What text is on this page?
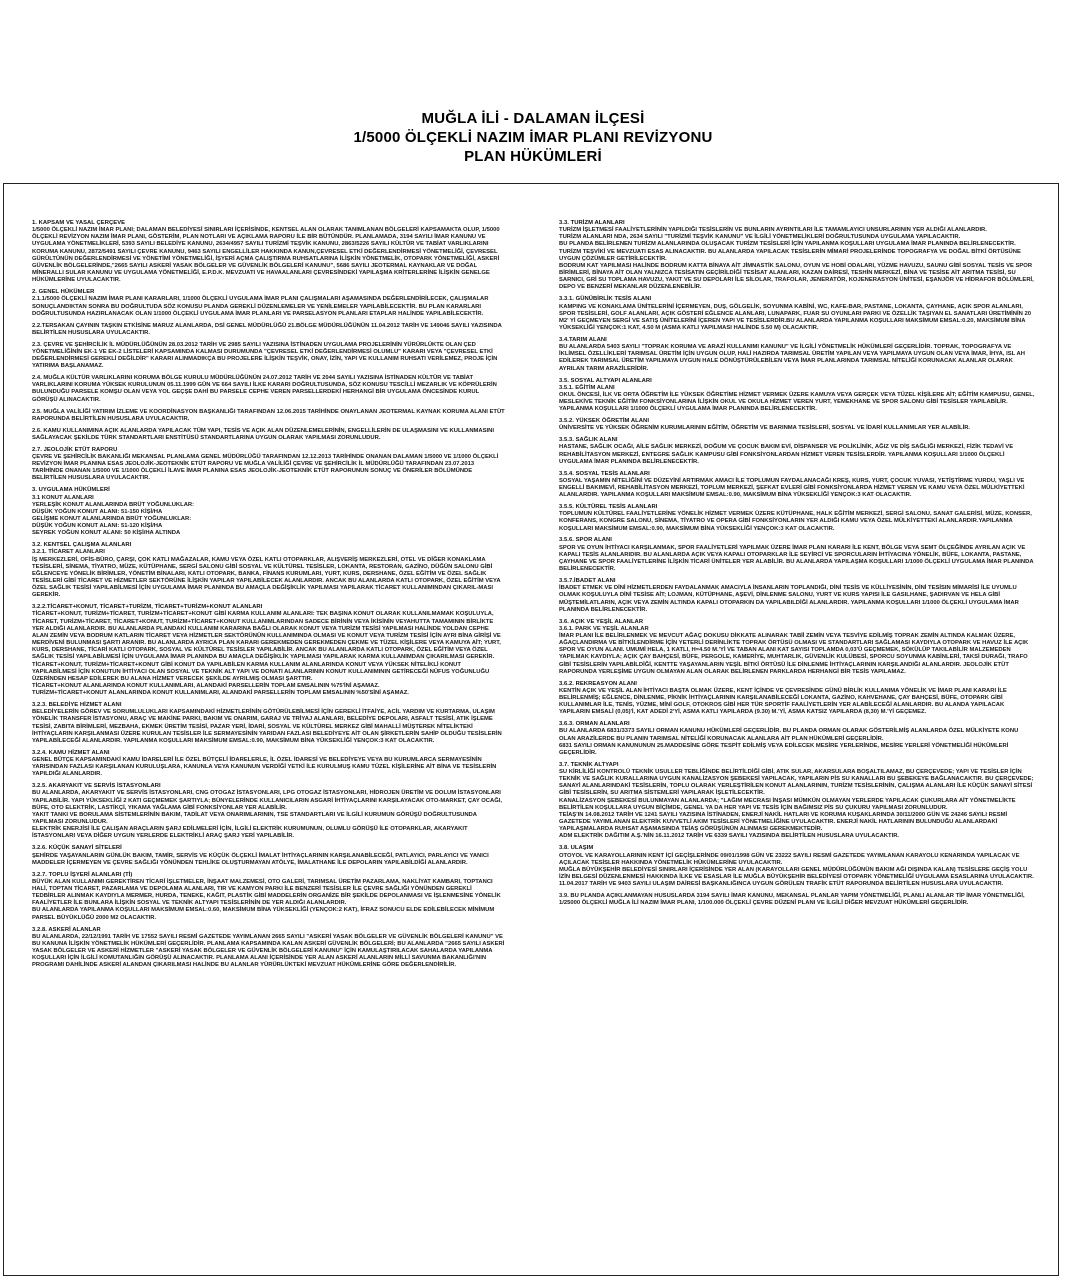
MUĞLA İLİ - DALAMAN İLÇESİ
1/5000 ÖLÇEKLİ NAZIM İMAR PLANI REVİZYONU
PLAN HÜKÜMLERİ
1. KAPSAM VE YASAL ÇERÇEVE
1/5000 ÖLÇEKLİ NAZIM İMAR PLANI; DALAMAN BELEDİYESİ SINIRLARI İÇERİSİNDE, KENTSEL ALAN OLARAK TANIMLANAN BÖLGELERİ KAPSAMAKTA OLUP, 1/5000 ÖLÇEKLİ REVİZYON NAZIM İMAR PLANI, GÖSTERİM, PLAN NOTLARI VE AÇIKLAMA RAPORU İLE BİR BÜTÜNDÜR. PLANLAMADA, 3194 SAYILI İMAR KANUNU VE UYGULAMA YÖNETMELİKLERİ, 5393 SAYILI BELEDİYE KANUNU, 2634/4957 SAYILI TURİZMİ TEŞVİK KANUNU, 2863/5226 SAYILI KÜLTÜR VE TABİAT VARLIKLARINI KORUMA KANUNU, 2872/5491 SAYILI ÇEVRE KANUNU, 9463 SAYILI ENGELLİLER HAKKINDA KANUN,ÇEVRESEL ETKİ DEĞERLENDİRMESİ YÖNETMELİĞİ, ÇEVRESEL GÜRÜLTÜNÜN DEĞERLENDİRMESİ VE YÖNETİMİ YÖNETMELİĞİ, İŞYERİ AÇMA ÇALIŞTIRMA RUHSATLARINA İLİŞKİN YÖNETMELİK, OTOPARK YÖNETMELİĞİ, ASKERİ GÜVENLİK BÖLGELERİNDE,"2665 SAYILI ASKERİ YASAK BÖLGELER VE GÜVENLİK BÖLGELERİ KANUNU", 5686 SAYILI JEOTERMAL KAYNAKLAR VE DOĞAL MİNERALLI SULAR KANUNU VE UYGULAMA YÖNETMELİĞİ, E.P.D.K. MEVZUATI VE HAVAALANLARI ÇEVRESİNDEKİ YAPILAŞMA KRİTERLERİNE İLİŞKİN GENELGE HÜKÜMLERİNE UYULACAKTIR.
2. GENEL HÜKÜMLER
2.1.1/5000 ÖLÇEKLİ NAZIM İMAR PLANI KARARLARI, 1/1000 ÖLÇEKLİ UYGULAMA İMAR PLANI ÇALIŞMALARI AŞAMASINDA DEĞERLENDİRİLECEK, ÇALIŞMALAR SONUÇLANDIKTAN SONRA BU DOĞRULTUDA SÖZ KONUSU PLANDA GEREKLİ DÜZENLEMELER VE YENİLEMELER YAPILABİLECEKTİR. BU PLAN KARARLARI DOĞRULTUSUNDA HAZIRLANACAK OLAN 1/1000 ÖLÇEKLİ UYGULAMA İMAR PLANLARI VE PARSELASYON PLANLARI ETAPLAR HALİNDE YAPILABİLECEKTİR.
2.2.TERSAKAN ÇAYININ TAŞKIN ETKİSİNE MARUZ ALANLARDA, DSİ GENEL MÜDÜRLÜĞÜ 21.BÖLGE MÜDÜRLÜĞÜNÜN 11.04.2012 TARİH VE 149046 SAYILI YAZISINDA BELİRTİLEN HUSUSLARA UYULACAKTIR.
2.3. ÇEVRE VE ŞEHİRCİLİK İL MÜDÜRLÜĞÜNÜN 28.03.2012 TARİH VE 2985 SAYILI YAZISINA İSTİNADEN UYGULAMA PROJELERİNİN YÜRÜRLÜKTE OLAN ÇED YÖNETMELİĞİNİN EK-1 VE EK-2 LİSTELERİ KAPSAMINDA KALMASI DURUMUNDA "ÇEVRESEL ETKİ DEĞERLENDİRMESİ OLUMLU" KARARI VEYA "ÇEVRESEL ETKİ DEĞERLENDİRMESİ GEREKLİ DEĞİLDİR" KARARI ALINMADIKÇA BU PROJELERE İLİŞKİN TEŞVİK, ONAY, İZİN, YAPI VE KULLANIM RUHSATI VERİLEMEZ, PROJE İÇİN YATIRIMA BAŞLANAMAZ.
2.4. MUĞLA KÜLTÜR VARLIKLARINI KORUMA BÖLGE KURULU MÜDÜRLÜĞÜNÜN 24.07.2012 TARİH VE 2044 SAYILI YAZISINA İSTİNADEN KÜLTÜR VE TABİAT VARLIKLARINI KORUMA YÜKSEK KURULUNUN 05.11.1999 GÜN VE 664 SAYILI İLKE KARARI DOĞRULTUSUNDA, SÖZ KONUSU TESCİLLİ MEZARLIK VE KÖPRÜLERİN BULUNDUĞU PARSELE KOMŞU OLAN VEYA YOL GEÇŞE DAHİ BU PARSELE CEPHE VEREN PARSELLERDEKİ HERHANGİ BİR UYGULAMA ÖNCESİNDE KURUL GÖRÜŞÜ ALINACAKTIR.
2.5. MUĞLA VALİLİĞİ YATIRIM İZLEME VE KOORDİNASYON BAŞKANLIĞI TARAFINDAN 12.06.2015 TARİHİNDE ONAYLANAN JEOTERMAL KAYNAK KORUMA ALANI ETÜT RAPORUNDA BELİRTİLEN HUSUSLARA UYULACAKTIR.
2.6. KAMU KULLANIMINA AÇIK ALANLARDA YAPILACAK TÜM YAPI, TESİS VE AÇIK ALAN DÜZENLEMELERİNİN, ENGELLİLERİN DE ULAŞMASINI VE KULLANMASINI SAĞLAYACAK ŞEKİLDE TÜRK STANDARTLARI ENSTİTÜSÜ STANDARTLARINA UYGUN OLARAK YAPILMASI ZORUNLUDUR.
2.7. JEOLOJİK ETÜT RAPORU
ÇEVRE VE ŞEHİRCİLİK BAKANLIĞI MEKANSAL PLANLAMA GENEL MÜDÜRLÜĞÜ TARAFINDAN 12.12.2013 TARİHİNDE ONANAN DALAMAN 1/5000 VE 1/1000 ÖLÇEKLİ REVİZYON İMAR PLANINA ESAS JEOLOJİK-JEOTEKNİK ETÜT RAPORU VE MUĞLA VALİLİĞİ ÇEVRE VE ŞEHİRCİLİK İL MÜDÜRLÜĞÜ TARAFINDAN 23.07.2013 TARİHİNDE ONANAN 1/5000 VE 1/1000 ÖLÇEKLİ İLAVE İMAR PLANINA ESAS JEOLOJİK-JEOTEKNİK ETÜT RAPORUNUN SONUÇ VE ÖNERİLER BÖLÜMÜNDE BELİRTİLEN HUSUSLARA UYULACAKTIR.
3. UYGULAMA HÜKÜMLERİ
3.1 KONUT ALANLARI
YERLEŞİK KONUT ALANLARINDA BRÜT YOĞUNLUKLAR:
DÜŞÜK YOĞUN KONUT ALANI: 51-150 KİŞİ/HA
GELİŞME KONUT ALANLARINDA BRÜT YOĞUNLUKLAR:
DÜŞÜK YOĞUN KONUT ALANI: 51-120 KİŞİ/HA
SEYREK YOĞUN KONUT ALANI: 50 KİŞİ/HA ALTINDA
3.2. KENTSEL ÇALIŞMA ALANLARI
3.2.1. TİCARET ALANLARI
İŞ MERKEZLERİ, OFİS-BÜRO, ÇARŞI, ÇOK KATLI MAĞAZALAR, KAMU VEYA ÖZEL KATLI OTOPARKLAR, ALIŞVERİŞ MERKEZLERİ, OTEL VE DİĞER KONAKLAMA TESİSLERİ, SİNEMA, TİYATRO, MÜZE, KÜTÜPHANE, SERGİ SALONU GİBİ SOSYAL VE KÜLTÜREL TESİSLER, LOKANTA, RESTORAN, GAZİNO, DÜĞÜN SALONU GİBİ EĞLENCEYE YÖNELİK BİRİMLER, YÖNETİM BİNALARI, KATLI OTOPARK, BANKA, FİNANS KURUMLARI, YURT, KURS, DERSHANE, ÖZEL EĞİTİM VE ÖZEL SAĞLIK TESİSLERİ GİBİ TİCARET VE HİZMETLER SEKTÖRÜNE İLİŞKİN YAPILAR YAPILABİLECEK ALANLARDIR. ANCAK BU ALANLARDA KATLI OTOPARK, ÖZEL EĞİTİM VEYA ÖZEL SAĞLIK TESİSİ YAPILABİLMESİ İÇİN UYGULAMA İMAR PLANINDA BU AMAÇLA DEĞİŞİKLİK YAPILMASI YAPILARAK TİCARET KULLANIMINDAN ÇIKARIL-MASI GEREKİR.
3.2.2.TİCARET+KONUT, TİCARET+TURİZM, TİCARET+TURİZM+KONUT ALANLARI
TİCARET+KONUT, TURİZM+TİCARET, TURİZM+TİCARET+KONUT GİBİ KARMA KULLANIM ALANLARI: TEK BAŞINA KONUT OLARAK KULLANILMAMAK KOŞULUYLA, TİCARET, TURİZM+TİCARET, TİCARET+KONUT, TURİZM+TİCARET+KONUT KULLANIMLARINDAN SADECE BİRİNİN VEYA İKİSİNİN VEYAHUTTA TAMAMININ BİRLİKTE YER ALDIĞI ALANLARDIR. BU ALANLARDA PLANDAKİ KULLANIM KARARINA BAĞLI OLARAK KONUT VEYA TURİZM TESİSİ YAPILMASI HALİNDE YOLDAN CEPHE ALAN ZEMİN VEYA BODRUM KATLARIN TİCARET VEYA HİZMETLER SEKTÖRÜNÜN KULLANIMINDA OLMASI VE KONUT VEYA TURİZM TESİSİ İÇİN AYRI BİNA GİRİŞİ VE MERDİVENİ BULUNMASI ŞARTI ARANIR. BU ALANLARDA AYRICA PLAN KARARI GEREKMEDEN GEREKMEDEN ÇEKME VE TÜZEL KİŞİLERE VEYA KAMUYA AİT; YURT, KURS, DERSHANE, TİCARİ KATLI OTOPARK, SOSYAL VE KÜLTÜREL TESİSLER YAPILABİLİR. ANCAK BU ALANLARDA KATLI OTOPARK, ÖZEL EĞİTİM VEYA ÖZEL SAĞLIK TESİSİ YAPILABİLMESİ İÇİN UYGULAMA İMAR PLANINDA BU AMAÇLA DEĞİŞİKLİK YAPILMASI YAPILARAK KARMA KULLANIMDAN ÇIKARILMASI GEREKİR. TİCARET+KONUT, TURİZM+TİCARET+KONUT GİBİ KONUT DA YAPILABİLEN KARMA KULLANIM ALANLARINDA KONUT VEYA YÜKSEK NİTELİKLİ KONUT YAPILABİLMESİ İÇİN KONUTUN İHTİYACI OLAN SOSYAL VE TEKNİK ALT YAPI VE DONATI ALANLARININ KONUT KULLANIMININ GETİRECEĞİ NÜFUS YOĞUNLUĞU ÜZERİNDEN HESAP EDİLEREK BU ALANA HİZMET VERECEK ŞEKİLDE AYRILMIŞ OLMASI ŞARTTIR.
TİCARET+KONUT ALANLARINDA KONUT KULLANIMLARI, ALANDAKİ PARSELLERİN TOPLAM EMSALININ %75'İNİ AŞAMAZ.
TURİZM+TİCARET+KONUT ALANLARINDA KONUT KULLANIMLARI, ALANDAKİ PARSELLERİN TOPLAM EMSALININ %50'SİNİ AŞAMAZ.
3.2.3. BELEDİYE HİZMET ALANI
BELEDİYELERİN GÖREV VE SORUMLULUKLARI KAPSAMINDAKİ HİZMETLERİNİN GÖTÜRÜLEBİLMESİ İÇİN GEREKLİ İTFAİYE, ACİL YARDIM VE KURTARMA, ULAŞIM YÖNELİK TRANSFER İSTASYONU, ARAÇ VE MAKİNE PARKI, BAKIM VE ONARIM, GARAJ VE TRİYAJ ALANLARI, BELEDİYE DEPOLARI, ASFALT TESİSİ, ATIK İŞLEME TESİSİ, ZABITA BİRİMLERİ, MEZBAHA, EKMEK ÜRETİM TESİSİ, PAZAR YERİ, İDARİ, SOSYAL VE KÜLTÜREL MERKEZ GİBİ MAHALLİ MÜŞTEREK NİTELİKTEKİ İHTİYAÇLARIN KARŞILANMASI ÜZERE KURULAN TESİSLER İLE SERMAYESİNİN YARIDAN FAZLASI BELEDİYEYE AİT OLAN ŞİRKETLERİN SAHİP OLDUĞU TESİSLERİN YAPILABİLECEĞİ ALANLARDIR. YAPILANMA KOŞULLARI MAKSİMUM EMSAL:0.90, MAKSİMUM BİNA YÜKSEKLİĞİ YENÇOK:3 KAT OLACAKTIR.
3.2.4. KAMU HİZMET ALANI
GENEL BÜTÇE KAPSAMINDAKİ KAMU İDARELERİ İLE ÖZEL BÜTÇELİ İDARELERLE, İL ÖZEL İDARESİ VE BELEDİYEYE VEYA BU KURUMLARCA SERMAYESİNİN YARISINDAN FAZLASI KARŞILANAN KURULUŞLARA, KANUNLA VEYA KANUNUN VERDİĞİ YETKİ İLE KURULMUŞ KAMU TÜZEL KİŞİLERİNE AİT BİNA VE TESİSLERİN YAPILDIĞI ALANLARDIR.
3.2.5. AKARYAKIT VE SERVİS İSTASYONLARI
BU ALANLARDA, AKARYAKIT VE SERVİS İSTASYONLARI, CNG OTOGAZ İSTASYONLARI, LPG OTOGAZ İSTASYONLARI, HİDROJEN ÜRETİM VE DOLUM İSTASYONLARI YAPILABİLİR. YAPI YÜKSEKLİĞİ 2 KATI GEÇMEMEK ŞARTIYLA; BÜNYELERİNDE KULLANICILARIN ASGARİ İHTİYAÇLARINI KARŞILAYACAK OTO-MARKET, ÇAY OCAĞI, BÜFE, OTO ELEKTRİK, LASTİKÇİ, YIKAMA YAĞLAMA GİBİ FONKSİYONLAR YER ALABİLİR.
YAKIT TANKI VE BORULAMA SİSTEMLERİNİN BAKIM, TADİLAT VEYA ONARIMLARININ, TSE STANDARTLARI VE İLGİLİ KURUMUN GÖRÜŞÜ DOĞRULTUSUNDA YAPILMASI ZORUNLUDUR.
ELEKTRİK ENERJİSİ İLE ÇALIŞAN ARAÇLARIN ŞARJ EDİLMELERİ İÇİN, İLGİLİ ELEKTRİK KURUMUNUN, OLUMLU GÖRÜŞÜ İLE OTOPARKLAR, AKARYAKIT İSTASYONLARI VEYA DİĞER UYGUN YERLERDE ELEKTRİKLİ ARAÇ ŞARJ YERİ YAPILABİLİR.
3.2.6. KÜÇÜK SANAYİ SİTELERİ
ŞEHİRDE YAŞAYANLARIN GÜNLÜK BAKIM, TAMİR, SERVİS VE KÜÇÜK ÖLÇEKLİ İMALAT İHTİYAÇLARININ KARŞILANABİLECEĞİ, PATLAYICI, PARLAYICI VE YANICI MADDELER İÇERMEYEN VE ÇEVRE SAĞLIĞI YÖNÜNDEN TEHLİKE OLUŞTURMAYAN ATÖLYE, İMALATHANE İLE DEPOLARIN YAPILABİLDİĞİ ALANLARDIR.
3.2.7. TOPLU İŞYERİ ALANLARI (Tİ)
BÜYÜK ALAN KULLANIMI GEREKTİREN TİCARİ İŞLETMELER, İNŞAAT MALZEMESİ, OTO GALERİ, TARIMSAL ÜRETİM PAZARLAMA, NAKLİYAT KAMBARI, TOPTANCI HALİ, TOPTAN TİCARET, PAZARLAMA VE DEPOLAMA ALANLARI, TIR VE KAMYON PARKI İLE BENZERİ TESİSLER İLE ÇEVRE SAĞLIĞI YÖNÜNDEN GEREKLİ TEDBİRLER ALINMAK KAYDIYLA MERMER, HURDA, TENEKE, KAĞIT, PLASTİK GİBİ MADDELERİN ORGANİZE BİR ŞEKİLDE DEPOLANMASI VE İŞLENMESİNE YÖNELİK FAALİYETLER İLE BUNLARA İLİŞKİN SOSYAL VE TEKNİK ALTYAPI TESİSLERİNİN DE YER ALDIĞI ALANLARDIR.
BU ALANLARDA YAPILANMA KOŞULLARI MAKSİMUM EMSAL:0.60, MAKSİMUM BİNA YÜKSEKLİĞİ (YENÇOK:2 KAT), İFRAZ SONUCU ELDE EDİLEBİLECEK MİNİMUM PARSEL BÜYÜKLÜĞÜ 2000 M2 OLACAKTIR.
3.2.8. ASKERİ ALANLAR
BU ALANLARDA, 22/12/1991 TARİH VE 17552 SAYILI RESMİ GAZETEDE YAYIMLANAN 2665 SAYILI "ASKERİ YASAK BÖLGELER VE GÜVENLİK BÖLGELERİ KANUNU" VE BU KANUNA İLİŞKİN YÖNETMELİK HÜKÜMLERİ GEÇERLİDİR. PLANLAMA KAPSAMINDA KALAN ASKERİ GÜVENLİK BÖLGELERİ; BU ALANLARDA "2665 SAYILI ASKERİ YASAK BÖLGELER VE ASKERİ HİZMETLER "ASKERİ YASAK BÖLGELER VE GÜVENLİK BÖLGELERİ KANUNU" İÇİN KAMULAŞTIRILACAK SAHALARDA YAPILANMA KOŞULLARI İÇİN İLGİLİ KOMUTANLIĞIN GÖRÜŞÜ ALINACAKTIR. PLANLAMA ALANI İÇERİSİNDE YER ALAN ASKERİ ALANLARIN MİLLİ SAVUNMA BAKANLIĞI'NIN PROGRAMI DAHİLİNDE ASKERİ ALANDAN ÇIKARILMASI HALİNDE BU ALANLAR YÜRÜRLÜKTEKİ MEVZUAT HÜKÜMLERİNE GÖRE DEĞERLENDİRİLİR.
3.3. TURİZM ALANLARI
TURİZM İŞLETMESİ FAALİYETLERİNİN YAPILDIĞI TESİSLERİN VE BUNLARIN AYRINTILARI İLE TAMAMLAYICI UNSURLARININ YER ALDIĞI ALANLARDIR.
TURİZM ALANLARI NDA, 2634 SAYILI "TURİZMİ TEŞVİK KANUNU" VE İLGİLİ YÖNETMELİKLERİ DOĞRULTUSUNDA UYGULAMA YAPILACAKTIR.
BU PLANDA BELİRLENEN TURİZM ALANLARINDA OLUŞACAK TURİZM TESİSLERİ İÇİN YAPILANMA KOŞULLARI UYGULAMA İMAR PLANINDA BELİRLENECEKTİR.
TURİZM TEŞVİKİ VE MEVZUATI ESAS ALINACAKTIR. BU ALANLARDA YAPILACAK TESİSLERİN MİMARİ PROJELERİNDE TOPOGRAFYA VE DOĞAL BİTKİ ÖRTÜSÜNE UYGUN ÇÖZÜMLER GETİRİLECEKTİR.
BODRUM KAT YAPILMASI HALİNDE BODRUM KATTA BİNAYA AİT JİMNASTİK SALONU, OYUN VE HOBİ ODALARI, YÜZME HAVUZU, SAUNU GİBİ SOSYAL TESİS VE SPOR BİRİMLERİ, BİNAYA AİT OLAN YALNIZCA TESİSATIN GEÇİRİLDİĞİ TESİSAT ALANLARI, KAZAN DAİRESİ, TESHİN MERKEZİ, BİNA VE TESİSE AİT ARITMA TESİSİ, SU SARNICI, GRİ SU TOPLAMA HAVUZU, YAKIT VE SU DEPOLARI İLE SİLOLAR, TRAFOLAR, JENERATÖR, KOJENERASYON ÜNİTESİ, EŞANJÖR VE HİDRAFOR BÖLÜMLERİ, DEPO VE BENZERİ MEKANLAR DÜZENLENEBİLİR.
3.3.1. GÜNÜBİRLİK TESİS ALANI
KAMPING VE KONAKLAMA ÜNİTELERİNİ İÇERMEYEN, DUŞ, GÖLGELİK, SOYUNMA KABİNİ, WC, KAFE-BAR, PASTANE, LOKANTA, ÇAYHANE, AÇIK SPOR ALANLARI, SPOR TESİSLERİ, GOLF ALANLARI, AÇIK GÖSTERİ EĞLENCE ALANLARI, LUNAPARK, FUAR SU OYUNLARI PARKI VE ÖZELLİK TAŞIYAN EL SANATLARI ÜRETİMİNİN 20 M2' Yİ GEÇMEYEN SERGİ VE SATIŞ ÜNİTELERİNİ İÇEREN YAPI VE TESİSLERDİR.BU ALANLARDA YAPILANMA KOŞULLARI MAKSİMUM EMSAL:0.20, MAKSİMUM BİNA YÜKSEKLİĞİ YENÇOK:1 KAT, 4.50 M (ASMA KATLI YAPILMASI HALİNDE 5.50 M) OLACAKTIR.
3.4.TARIM ALANI
BU ALANLARDA 5403 SAYILI "TOPRAK KORUMA VE ARAZİ KULLANIMI KANUNU" VE İLGİLİ YÖNETMELİK HÜKÜMLERİ GEÇERLİDİR. TOPRAK, TOPOGRAFYA VE İKLİMSEL ÖZELLİKLERİ TARIMSAL ÜRETİM İÇİN UYGUN OLUP, HALİ HAZIRDA TARIMSAL ÜRETİM YAPILAN VEYA YAPILMAYA UYGUN OLAN VEYA İMAR, İHYA, ISL AH EDİLEREK TARIMSAL ÜRETİM YAPILMAYA UYGUN HALE DÖNÜŞTÜRÜLEBİLEN VEYA İMAR PLANLARINDA TARIMSAL NİTELİĞİ KORUNACAK ALANLAR OLARAK AYRILAN TARIM ARAZİLERİDİR.
3.5. SOSYAL ALTYAPI ALANLARI
3.5.1. EĞİTİM ALANI
OKUL ÖNCESİ, İLK VE ORTA ÖĞRETİM İLE YÜKSEK ÖĞRETİME HİZMET VERMEK ÜZERE KAMUYA VEYA GERÇEK VEYA TÜZEL KİŞİLERE AİT; EĞİTİM KAMPUSU, GENEL, MESLEKİVE TEKNİK EĞİTİM FONKSİYONLARINA İLİŞKİN OKUL VE OKULA HİZMET VEREN YURT, YEMEKHANE VE SPOR SALONU GİBİ TESİSLER YAPILABİLİR. YAPILANMA KOŞULLARI 1/1000 ÖLÇEKLİ UYGULAMA İMAR PLANINDA BELİRLENECEKTİR.
3.5.2. YÜKSEK ÖĞRETİM ALANI
ÜNİVERSİTE VE YÜKSEK ÖĞRENİM KURUMLARININ EĞİTİM, ÖĞRETİM VE BARINMA TESİSLERİ, SOSYAL VE İDARİ KULLANIMLAR YER ALABİLİR.
3.5.3. SAĞLIK ALANI
HASTANE, SAĞLIK OCAĞI, AİLE SAĞLIK MERKEZİ, DOĞUM VE ÇOCUK BAKIM EVİ, DİSPANSER VE POLİKLİNİK, AĞIZ VE DİŞ SAĞLIĞI MERKEZİ, FİZİK TEDAVİ VE REHABİLİTASYON MERKEZİ, ENTEGRE SAĞLIK KAMPUSU GİBİ FONKSİYONLARDAN HİZMET VEREN TESİSLERDİR. YAPILANMA KOŞULLARI 1/1000 ÖLÇEKLİ UYGULAMA İMAR PLANINDA BELİRLENECEKTİR.
3.5.4. SOSYAL TESİS ALANLARI
SOSYAL YAŞAMIN NİTELİĞİNİ VE DÜZEYİNİ ARTIRMAK AMACI İLE TOPLUMUN FAYDALANACAĞI KREŞ, KURS, YURT, ÇOCUK YUVASI, YETİŞTİRME YURDU, YAŞLI VE ENGELLİ BAKIMEVİ, REHABİLİTASYON MERKEZİ, TOPLUM MERKEZİ, ŞEFKAT EVLERİ GİBİ FONKSİYONLARDA HİZMET VEREN VE KAMU VEYA ÖZEL MÜLKİYETTEKİ ALANLARDIR. YAPILANMA KOŞULLARI MAKSİMUM EMSAL:0.90, MAKSİMUM BİNA YÜKSEKLİĞİ YENÇOK:3 KAT OLACAKTIR.
3.5.5. KÜLTÜREL TESİS ALANLARI
TOPLUMUN KÜLTÜREL FAALİYETLERİNE YÖNELİK HİZMET VERMEK ÜZERE KÜTÜPHANE, HALK EĞİTİM MERKEZİ, SERGİ SALONU, SANAT GALERİSİ, MÜZE, KONSER, KONFERANS, KONGRE SALONU, SİNEMA, TİYATRO VE OPERA GİBİ FONKSİYONLARIN YER ALDIĞI KAMU VEYA ÖZEL MÜLKİYETTEKİ ALANLARDIR.YAPILANMA KOŞULLARI MAKSİMUM EMSAL:0.90, MAKSİMUM BİNA YÜKSEKLİĞİ YENÇOK:3 KAT OLACAKTIR.
3.5.6. SPOR ALANI
SPOR VE OYUN İHTİYACI KARŞILANMAK, SPOR FAALİYETLERİ YAPILMAK ÜZERE İMAR PLANI KARARI İLE KENT, BÖLGE VEYA SEMT ÖLÇEĞİNDE AYRILAN AÇIK VE KAPALI TESİS ALANLARIDIR. BU ALANLARDA AÇIK VEYA KAPALI OTOPARKLAR İLE SEYİRCİ VE SPORCULARIN İHTİYACINA YÖNELİK, BÜFE, LOKANTA, PASTANE, ÇAYHANE VE SPOR FAALİYETLERİNE İLİŞKİN TİCARİ ÜNİTELER YER ALABİLİR. BU ALANLARDA YAPILAŞMA KOŞULLARI 1/1000 ÖLÇEKLİ UYGULAMA İMAR PLANINDA BELİRLENECEKTİR.
3.5.7.İBADET ALANI
İBADET ETMEK VE DİNİ HİZMETLERDEN FAYDALANMAK AMACIYLA İNSANLARIN TOPLANDIĞI, DİNİ TESİS VE KÜLLİYESİNİN, DİNİ TESİSIN MİMARİSİ İLE UYUMLU OLMAK KOŞULUYLA DİNİ TESİSE AİT; LOJMAN, KÜTÜPHANE, AŞEVİ, DİNLENME SALONU, YURT VE KURS YAPISI İLE GASILHANE, ŞADIRVAN VE HELA GİBİ MÜŞTEMİLATLARIN, AÇIK VEYA ZEMİN ALTINDA KAPALI OTOPARKIN DA YAPILABILDİĞİ ALANLARDIR. YAPILANMA KOŞULLARI 1/1000 ÖLÇEKLİ UYGULAMA İMAR PLANINDA BELİRLENECEKTİR.
3.6. AÇIK VE YEŞİL ALANLAR
3.6.1. PARK VE YEŞİL ALANLAR
İMAR PLANI İLE BELİRLENMEK VE MEVCUT AĞAÇ DOKUSU DİKKATE ALINARAK TABİİ ZEMİN VEYA TESVİYE EDİLMİŞ TOPRAK ZEMİN ALTINDA KALMAK ÜZERE, AĞAÇLANDIRMA VE BİTKİLENDİRME İÇİN YETERLİ DERİNLİKTE TOPRAK ÖRTÜSÜ OLMASI VE STANDARTLARI SAĞLAMASI KAYDIYLA OTOPARK VE HAVUZ İLE AÇIK SPOR VE OYUN ALANI. UMUMİ HELA, 1 KATLI, H=4.50 M.'Yİ VE TABAN ALANI KAT SAYISI TOPLAMDA 0,03'Ü GEÇMEMEK, SÖKÜLÜP TAKILABİLİR MALZEMEDEN YAPILMAK KAYDIYLA; AÇIK ÇAY BAHÇESİ, BÜFE, PERGOLE, KAMERİYE, MUHTARLIK, GÜVENLİK KULÜBESİ, SPORCU SOYUNMA KABİNLERİ, TAKSİ DURAĞI, TRAFO GİBİ TESİSLERİN YAPILABİLDİĞİ, KENTTE YAŞAYANLARIN YEŞİL BİTKİ ÖRTÜSÜ İLE DİNLENME İHTİYAÇLARININ KARŞILANDIĞI ALANLARDIR. JEOLOJİK ETÜT RAPORUNDA YERLEŞİME UYGUN OLMAYAN ALAN OLARAK BELİRLENEN PARKLARDA HERHANGİ BİR TESİS YAPILAMAZ.
3.6.2. REKREASYON ALANI
KENTİN AÇIK VE YEŞİL ALAN İHTİYACI BAŞTA OLMAK ÜZERE, KENT İÇİNDE VE ÇEVRESİNDE GÜNÜ BİRLİK KULLANIMA YÖNELİK VE İMAR PLANI KARARI İLE BELİRLENMİŞ; EĞLENCE, DİNLENME, PİKNİK İHTİYAÇLARININ KARŞILANABİLECEĞİ LOKANTA, GAZİNO, KAHVEHANE, ÇAY BAHÇESİ, BÜFE, OTOPARK GİBİ KULLANIMLAR İLE, TENİS, YÜZME, MİNİ GOLF, OTOKROS GİBİ HER TÜR SPORTİF FAALİYETLERİN YER ALABİLECEĞİ ALANLARDIR. BU ALANDA YAPILACAK YAPILARIN EMSALİ (0,05)'İ, KAT ADEDİ 2'Yİ, ASMA KATLI YAPILARDA (9.30) M.'Yİ, ASMA KATSIZ YAPILARDA (8,30) M.'Yİ GEÇEMEZ.
3.6.3. ORMAN ALANLARI
BU ALANLARDA 6831/3373 SAYILI ORMAN KANUNU HÜKÜMLERİ GEÇERLİDİR. BU PLANDA ORMAN OLARAK GÖSTERİLMİŞ ALANLARDA ÖZEL MÜLKİYETE KONU OLAN ARAZİLERDE BU PLANIN TARIMSAL NİTELİĞİ KORUNACAK ALANLARA AİT PLAN HÜKÜMLERİ GEÇERLİDİR.
6831 SAYILI ORMAN KANUNUNUN 25.MADDESİNE GÖRE TESPİT EDİLMİŞ VEYA EDİLECEK MESİRE YERLERİNDE, MESİRE YERLERİ YÖNETMELİĞİ HÜKÜMLERİ GEÇERLİDİR.
3.7. TEKNİK ALTYAPI
SU KİRLİLİĞİ KONTROLÜ TEKNİK USULLER TEBLİĞİNDE BELİRTİLDİĞİ GİBİ, ATIK SULAR, AKARSULARA BOŞALTILAMAZ, BU ÇERÇEVEDE; YAPI VE TESİSLER İÇİN TEKNİK VE SAĞLIK KURALLARINA UYGUN KANALİZASYON ŞEBEKESİ YAPILACAK, YAPILARIN PİS SU KANALLARI BU ŞEBEKEYE BAĞLANACAKTIR. BU ÇERÇEVEDE; SANAYİ ALANLARINDAKİ TESİSLERİN, TOPLU OLARAK YERLEŞTİRİLEN KONUT ALANLARININ, TURİZM TESİSLERİNİN, ÇALIŞMA ALANLARI İLE KÜÇÜK SANAYİ SİTESİ GİBİ TESİSLERİN, SU ARITMA SİSTEMLERİ YAPILARAK İŞLETİLECEKTİR.
KANALİZASYON ŞEBEKESİ BULUNMAYAN ALANLARDA; "LAĞIM MECRASI İNŞASI MÜMKÜN OLMAYAN YERLERDE YAPILACAK ÇUKURLARA AİT YÖNETMELİKTE BELİRTİLEN KOŞULLARA UYGUN BİÇİMDE, GENEL YA DA HER YAPI VE TESİS İÇİN BAĞIMSIZ PİS SU ÇUKURU YAPILMASI ZORUNLUDUR.
TEİAŞ'IN 14.08.2012 TARİH VE 1241 SAYILI YAZISINA İSTİNADEN, ENERJİ NAKİL HATLARI VE KORUMA KUŞAKLARINDA 30/11/2000 GÜN VE 24246 SAYILI RESMİ GAZETEDE YAYIMLANAN ELEKTRİK KUVVETLİ AKIM TESİSLERİ YÖNETMELİĞİNE UYULACAKTIR. ENERJİ NAKİL HATLARININ BULUNDUĞU ALANLARDAKİ YAPILAŞMALARDA RUHSAT AŞAMASINDA TEİAŞ GÖRÜŞÜNÜN ALINMASI GEREKMEKTEDİR.
ADM ELEKTRİK DAĞITIM A.Ş.'NİN 16.11.2012 TARİH VE 6339 SAYILI YAZISINDA BELİRTİLEN HUSUSLARA UYULACAKTIR.
3.8. ULAŞIM
OTOYOL VE KARAYOLLARININ KENT İÇİ GEÇİŞLERİNDE 09/01/1998 GÜN VE 23222 SAYILI RESMİ GAZETEDE YAYIMLANAN KARAYOLU KENARINDA YAPILACAK VE AÇILACAK TESİSLER HAKKINDA YÖNETMELİK HÜKÜMLERİNE UYULACAKTIR.
MUĞLA BÜYÜKŞEHİR BELEDİYESİ SINIRLARI İÇERİSİNDE YER ALAN (KARAYOLLARI GENEL MÜDÜRLÜĞÜNÜN BAKIM AĞI DIŞINDA KALAN) TESİSLERE GEÇİŞ YOLU İZİN BELGESİ DÜZENLENMESİ HAKKINDA İLKE VE ESASLAR İLE MUĞLA BÜYÜKŞEHİR BELEDİYESİ OTOPARK YÖNETMELİĞİ UYGULAMA ESASLARINA UYULACAKTIR.
11.04.2017 TARİH VE 9403 SAYILI ULAŞIM DAİRESİ BAŞKANLIĞINCA UYGUN GÖRÜLEN TRAFİK ETÜT RAPORUNDA BELİRTİLEN HUSUSLARA UYULACAKTIR.
3.9. BU PLANDA AÇIKLANMAYAN HUSUSLARDA 3194 SAYILI İMAR KANUNU, MEKANSAL PLANLAR YAPIM YÖNETMELİĞİ, PLANLI ALANLAR TİP İMAR YÖNETMELİĞİ, 1/25000 ÖLÇEKLİ MUĞLA İLİ NAZIM İMAR PLANI, 1/100.000 ÖLÇEKLİ ÇEVRE DÜZENİ PLANI VE İLGİLİ DİĞER MEVZUAT HÜKÜMLERİ GEÇERLİDİR.
